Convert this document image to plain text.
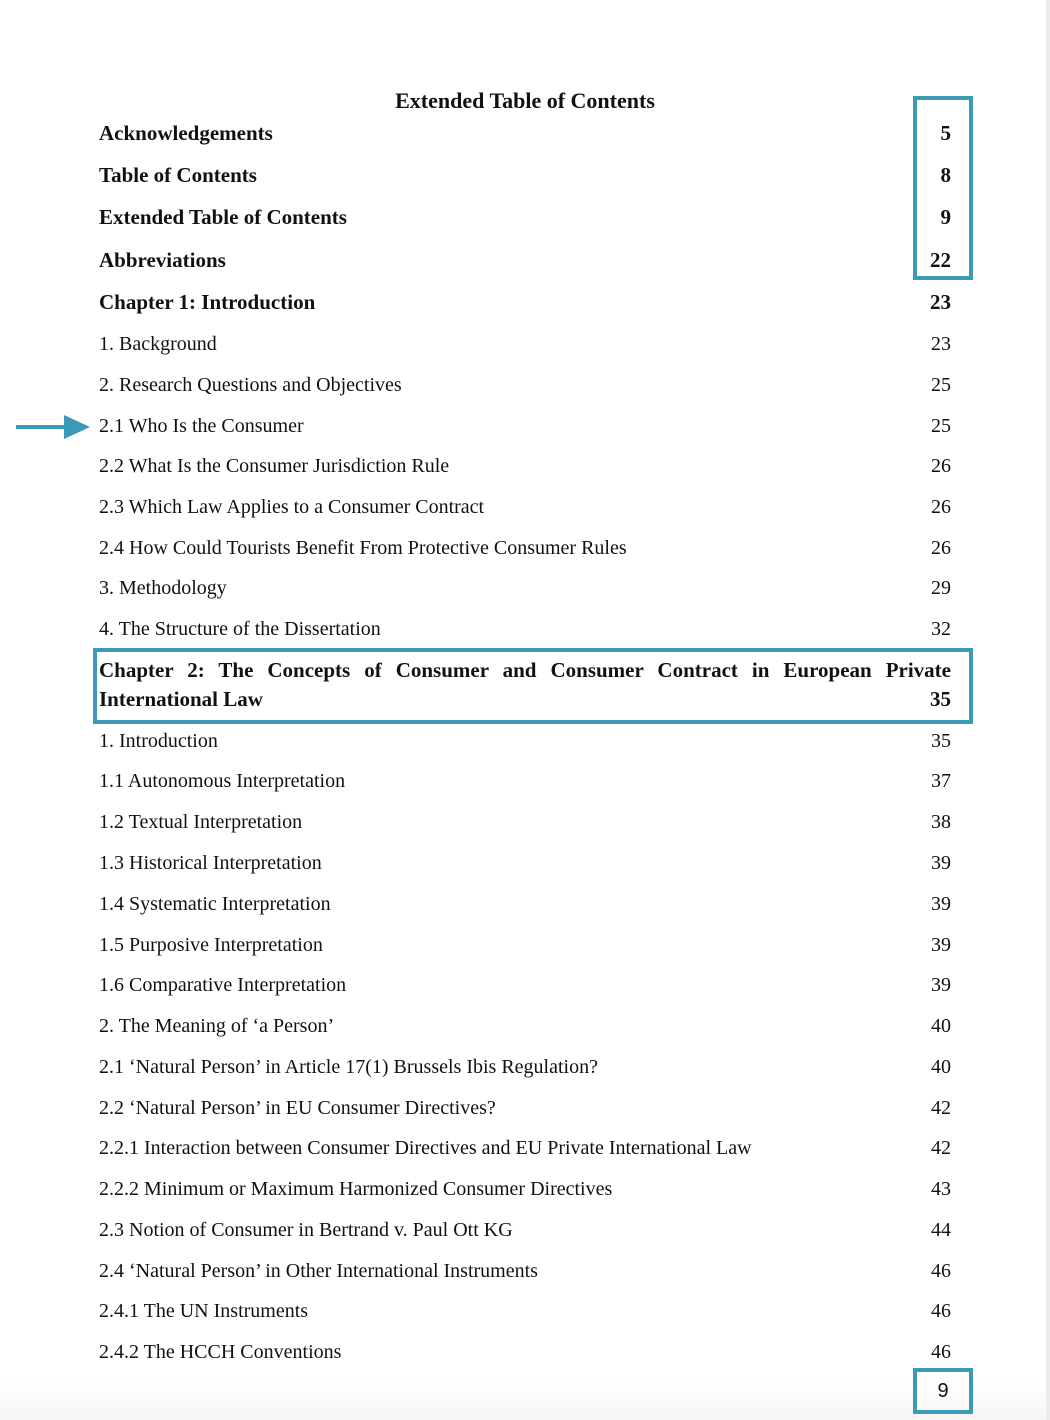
Extended Table of Contents
Acknowledgements	5
Table of Contents	8
Extended Table of Contents	9
Abbreviations	22
Chapter 1: Introduction	23
1. Background	23
2. Research Questions and Objectives	25
2.1 Who Is the Consumer	25
2.2 What Is the Consumer Jurisdiction Rule	26
2.3 Which Law Applies to a Consumer Contract	26
2.4 How Could Tourists Benefit From Protective Consumer Rules	26
3. Methodology	29
4. The Structure of the Dissertation	32
Chapter 2: The Concepts of Consumer and Consumer Contract in European Private
International Law	35
1. Introduction	35
1.1 Autonomous Interpretation	37
1.2 Textual Interpretation	38
1.3 Historical Interpretation	39
1.4 Systematic Interpretation	39
1.5 Purposive Interpretation	39
1.6 Comparative Interpretation	39
2. The Meaning of ‘a Person’	40
2.1 ‘Natural Person’ in Article 17(1) Brussels Ibis Regulation?	40
2.2 ‘Natural Person’ in EU Consumer Directives?	42
2.2.1 Interaction between Consumer Directives and EU Private International Law	42
2.2.2 Minimum or Maximum Harmonized Consumer Directives	43
2.3 Notion of Consumer in Bertrand v. Paul Ott KG	44
2.4 ‘Natural Person’ in Other International Instruments	46
2.4.1 The UN Instruments	46
2.4.2 The HCCH Conventions	46
9
